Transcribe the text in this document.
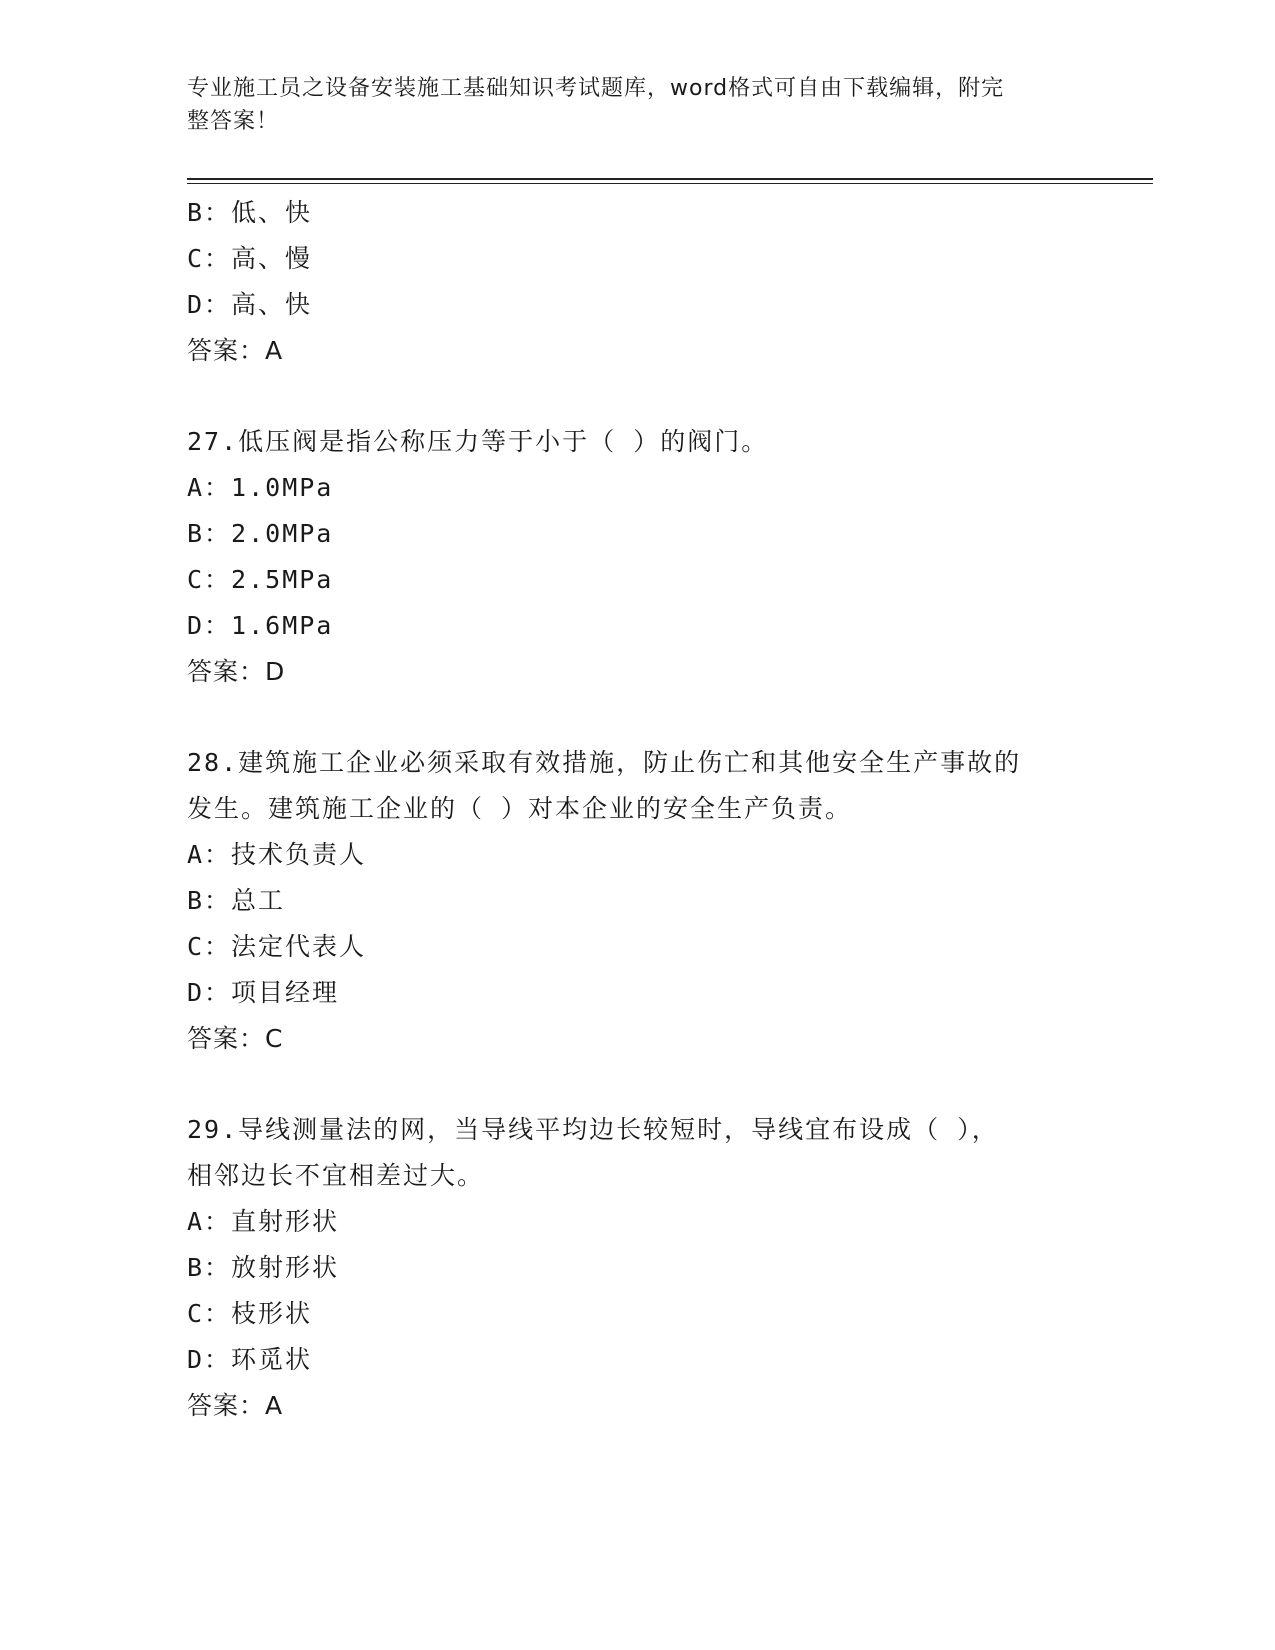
专业施工员之设备安装施工基础知识考试题库，word格式可自由下载编辑，附完
整答案！
B：低、快
C：高、慢
D：高、快
答案：A
27.低压阀是指公称压力等于小于（ ）的阀门。
A：1.0MPa
B：2.0MPa
C：2.5MPa
D：1.6MPa
答案：D
28.建筑施工企业必须采取有效措施，防止伤亡和其他安全生产事故的
发生。建筑施工企业的（ ）对本企业的安全生产负责。
A：技术负责人
B：总工
C：法定代表人
D：项目经理
答案：C
29.导线测量法的网，当导线平均边长较短时，导线宜布设成（ ），
相邻边长不宜相差过大。
A：直射形状
B：放射形状
C：枝形状
D：环觅状
答案：A
